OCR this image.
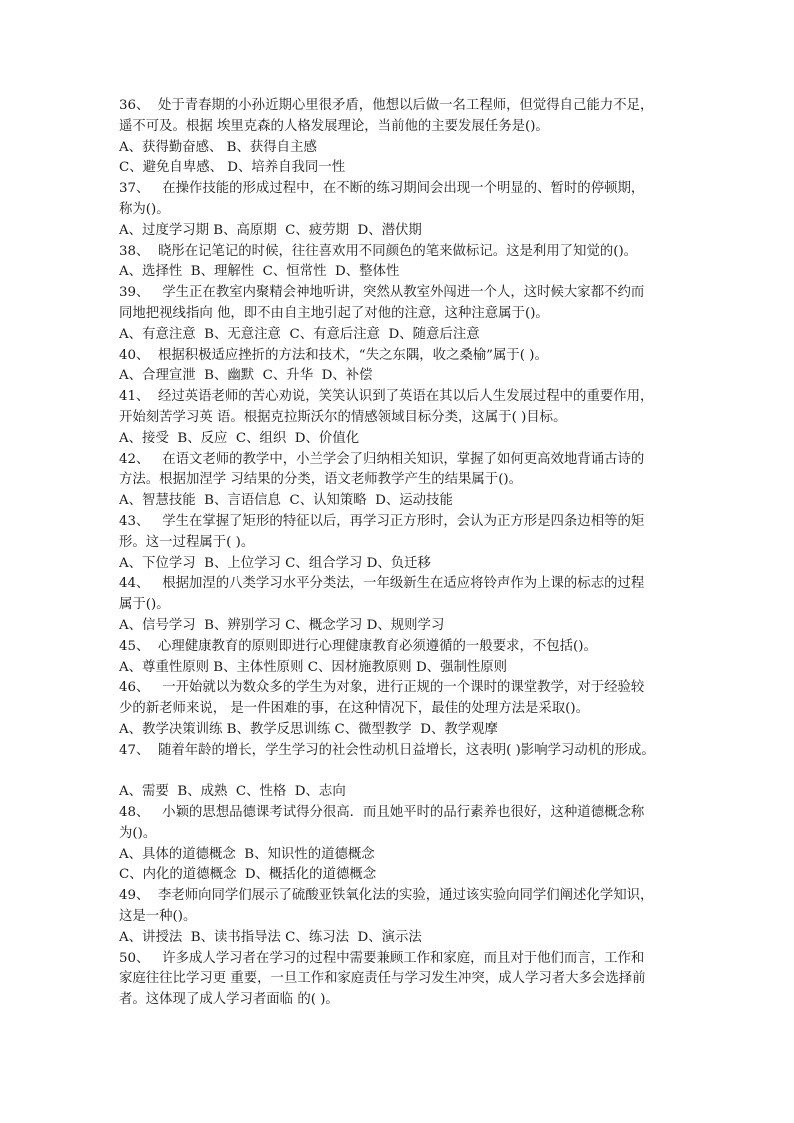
36、  处于青春期的小孙近期心里很矛盾，他想以后做一名工程师，但觉得自己能力不足，
遥不可及。根据 埃里克森的人格发展理论，当前他的主要发展任务是()。
A、获得勤奋感、 B、获得自主感
C、避免自卑感、 D、培养自我同一性
37、   在操作技能的形成过程中，在不断的练习期间会出现一个明显的、暂时的停顿期，
称为()。
A、过度学习期 B、高原期  C、疲劳期  D、潜伏期
38、  晓彤在记笔记的时候，往往喜欢用不同颜色的笔来做标记。这是利用了知觉的()。
A、选择性  B、理解性  C、恒常性  D、整体性
39、   学生正在教室内聚精会神地听讲，突然从教室外闯进一个人，这时候大家都不约而
同地把视线指向 他，即不由自主地引起了对他的注意，这种注意属于()。
A、有意注意  B、无意注意  C、有意后注意  D、随意后注意
40、  根据积极适应挫折的方法和技术，“失之东隅，收之桑榆”属于( )。
A、合理宣泄  B、幽默  C、升华  D、补偿
41、  经过英语老师的苦心劝说，笑笑认识到了英语在其以后人生发展过程中的重要作用，
开始刻苦学习英 语。根据克拉斯沃尔的情感领域目标分类，这属于( )目标。
A、接受  B、反应  C、组织  D、价值化
42、   在语文老师的教学中，小兰学会了归纳相关知识，掌握了如何更高效地背诵古诗的
方法。根据加涅学 习结果的分类，语文老师教学产生的结果属于()。
A、智慧技能  B、言语信息  C、认知策略  D、运动技能
43、   学生在掌握了矩形的特征以后，再学习正方形时，会认为正方形是四条边相等的矩
形。这一过程属于( )。
A、下位学习  B、上位学习 C、组合学习 D、负迁移
44、   根据加涅的八类学习水平分类法，一年级新生在适应将铃声作为上课的标志的过程
属于()。
A、信号学习  B、辨别学习 C、概念学习 D、规则学习
45、  心理健康教育的原则即进行心理健康教育必须遵循的一般要求，不包括()。
A、尊重性原则 B、主体性原则 C、因材施教原则 D、强制性原则
46、   一开始就以为数众多的学生为对象，进行正规的一个课时的课堂教学，对于经验较
少的新老师来说， 是一件困难的事，在这种情况下，最佳的处理方法是采取()。
A、教学决策训练 B、教学反思训练 C、微型教学  D、教学观摩
47、  随着年龄的增长，学生学习的社会性动机日益增长，这表明( )影响学习动机的形成。
A、需要  B、成熟  C、性格  D、志向
48、   小颖的思想品德课考试得分很高．而且她平时的品行素养也很好，这种道德概念称
为()。
A、具体的道德概念  B、知识性的道德概念
C、内化的道德概念  D、概括化的道德概念
49、  李老师向同学们展示了硫酸亚铁氧化法的实验，通过该实验向同学们阐述化学知识，
这是一种()。
A、讲授法  B、读书指导法 C、练习法  D、演示法
50、   许多成人学习者在学习的过程中需要兼顾工作和家庭，而且对于他们而言，工作和
家庭往往比学习更 重要，一旦工作和家庭责任与学习发生冲突，成人学习者大多会选择前
者。这体现了成人学习者面临 的( )。
